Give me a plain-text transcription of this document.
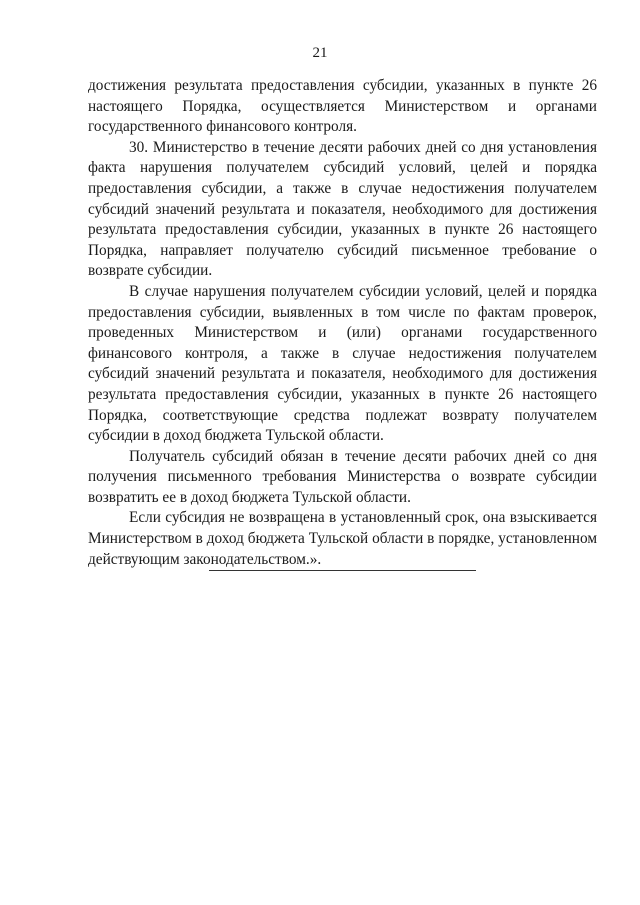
21

достижения результата предоставления субсидии, указанных в пункте 26 настоящего Порядка, осуществляется Министерством и органами государственного финансового контроля.

30. Министерство в течение десяти рабочих дней со дня установления факта нарушения получателем субсидий условий, целей и порядка предоставления субсидии, а также в случае недостижения получателем субсидий значений результата и показателя, необходимого для достижения результата предоставления субсидии, указанных в пункте 26 настоящего Порядка, направляет получателю субсидий письменное требование о возврате субсидии.

В случае нарушения получателем субсидии условий, целей и порядка предоставления субсидии, выявленных в том числе по фактам проверок, проведенных Министерством и (или) органами государственного финансового контроля, а также в случае недостижения получателем субсидий значений результата и показателя, необходимого для достижения результата предоставления субсидии, указанных в пункте 26 настоящего Порядка, соответствующие средства подлежат возврату получателем субсидии в доход бюджета Тульской области.

Получатель субсидий обязан в течение десяти рабочих дней со дня получения письменного требования Министерства о возврате субсидии возвратить ее в доход бюджета Тульской области.

Если субсидия не возвращена в установленный срок, она взыскивается Министерством в доход бюджета Тульской области в порядке, установленном действующим законодательством.».
